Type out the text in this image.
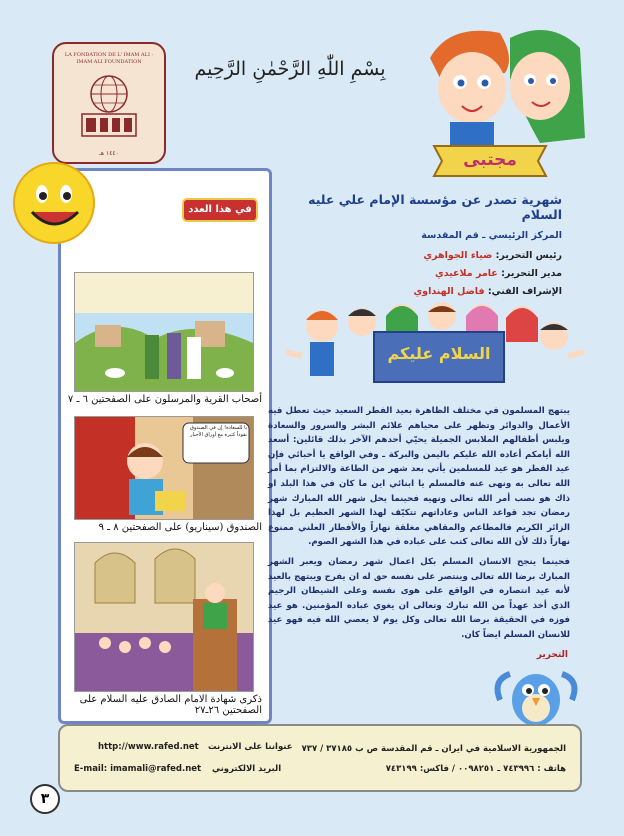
LA FONDATION DE L' IMAM ALI · IMAM ALI FOUNDATION
١٤٤٠ هـ
بِسْمِ اللّٰهِ الرَّحْمٰنِ الرَّحِيم
مجتبى
شهرية تصدر عن مؤسسة الإمام علي عليه السلام
المركز الرئيسي ـ قم المقدسة
رئيس التحرير: ضياء الجواهري
مدير التحرير: عامر ملاعيدي
الإشراف الفني: فاضل الهنداوي
السلام عليكم
في هذا العدد
أصحاب القرية والمرسلون على الصفحتين ٦ ـ ٧
يا للسعادة! إن في الصندوق نقوداً كثيرة مع أوراق الأخبار
الصندوق (سيناريو) على الصفحتين ٨ ـ ٩
ذكرى شهادة الامام الصادق عليه السلام على الصفحتين ٢٦ـ٢٧

يبتهج المسلمون في مختلف الظاهرة بعيد الفطر السعيد حيث تعطل فيه الأعمال والدوائر وتظهر على محياهم علائم البشر والسرور والسعادة ويلبس أطفالهم الملابس الجميلة يحيّي أحدهم الآخر بذلك قائلين: أسعد الله أيامكم أعاده الله عليكم باليمن والبركة ـ وفي الواقع يا أحبائي فإن عيد الفطر هو عيد للمسلمين يأتي بعد شهر من الطاعة والالتزام بما أمر الله تعالى به ونهى عنه فالمسلم يا ابنائي اين ما كان في هذا البلد او ذاك هو نصب أمر الله تعالى ونهيه فحينما يحل شهر الله المبارك شهر رمضان تجد قواعد الناس وعاداتهم تتكيّف لهذا الشهر العظيم بل لهذا الزائر الكريم فالمطاعم والمقاهي مغلقة نهاراً والأفطار العلني ممنوع نهاراً ذلك لأن الله تعالى كتب على عباده في هذا الشهر الصوم.

فحينما ينجح الانسان المسلم بكل اعمال شهر رمضان ويعبر الشهر المبارك برضا الله تعالى وينتصر على نفسه حق له ان يفرح ويبتهج بالعيد لأنه عيد انتصاره في الواقع على هوى نفسه وعلى الشيطان الرجيم الذي أخذ عهداً من الله تبارك وتعالى ان يغوي عباده المؤمنين. هو عيد فوزه في الحقيقة برضا الله تعالى وكل يوم لا يعصي الله فيه فهو عيد للانسان المسلم ايضاً كان.

التحرير
http://www.rafed.net عنواننا على الانترنت
E-mail: imamali@rafed.net البريد الالكتروني
الجمهورية الاسلامية في ايران ـ قم المقدسة ص ب ٣٧١٨٥ / ٧٣٧
هاتف : ٧٤٣٩٩٦ ـ ٠٠٩٨٢٥١ / فاكس: ٧٤٣١٩٩
٣
